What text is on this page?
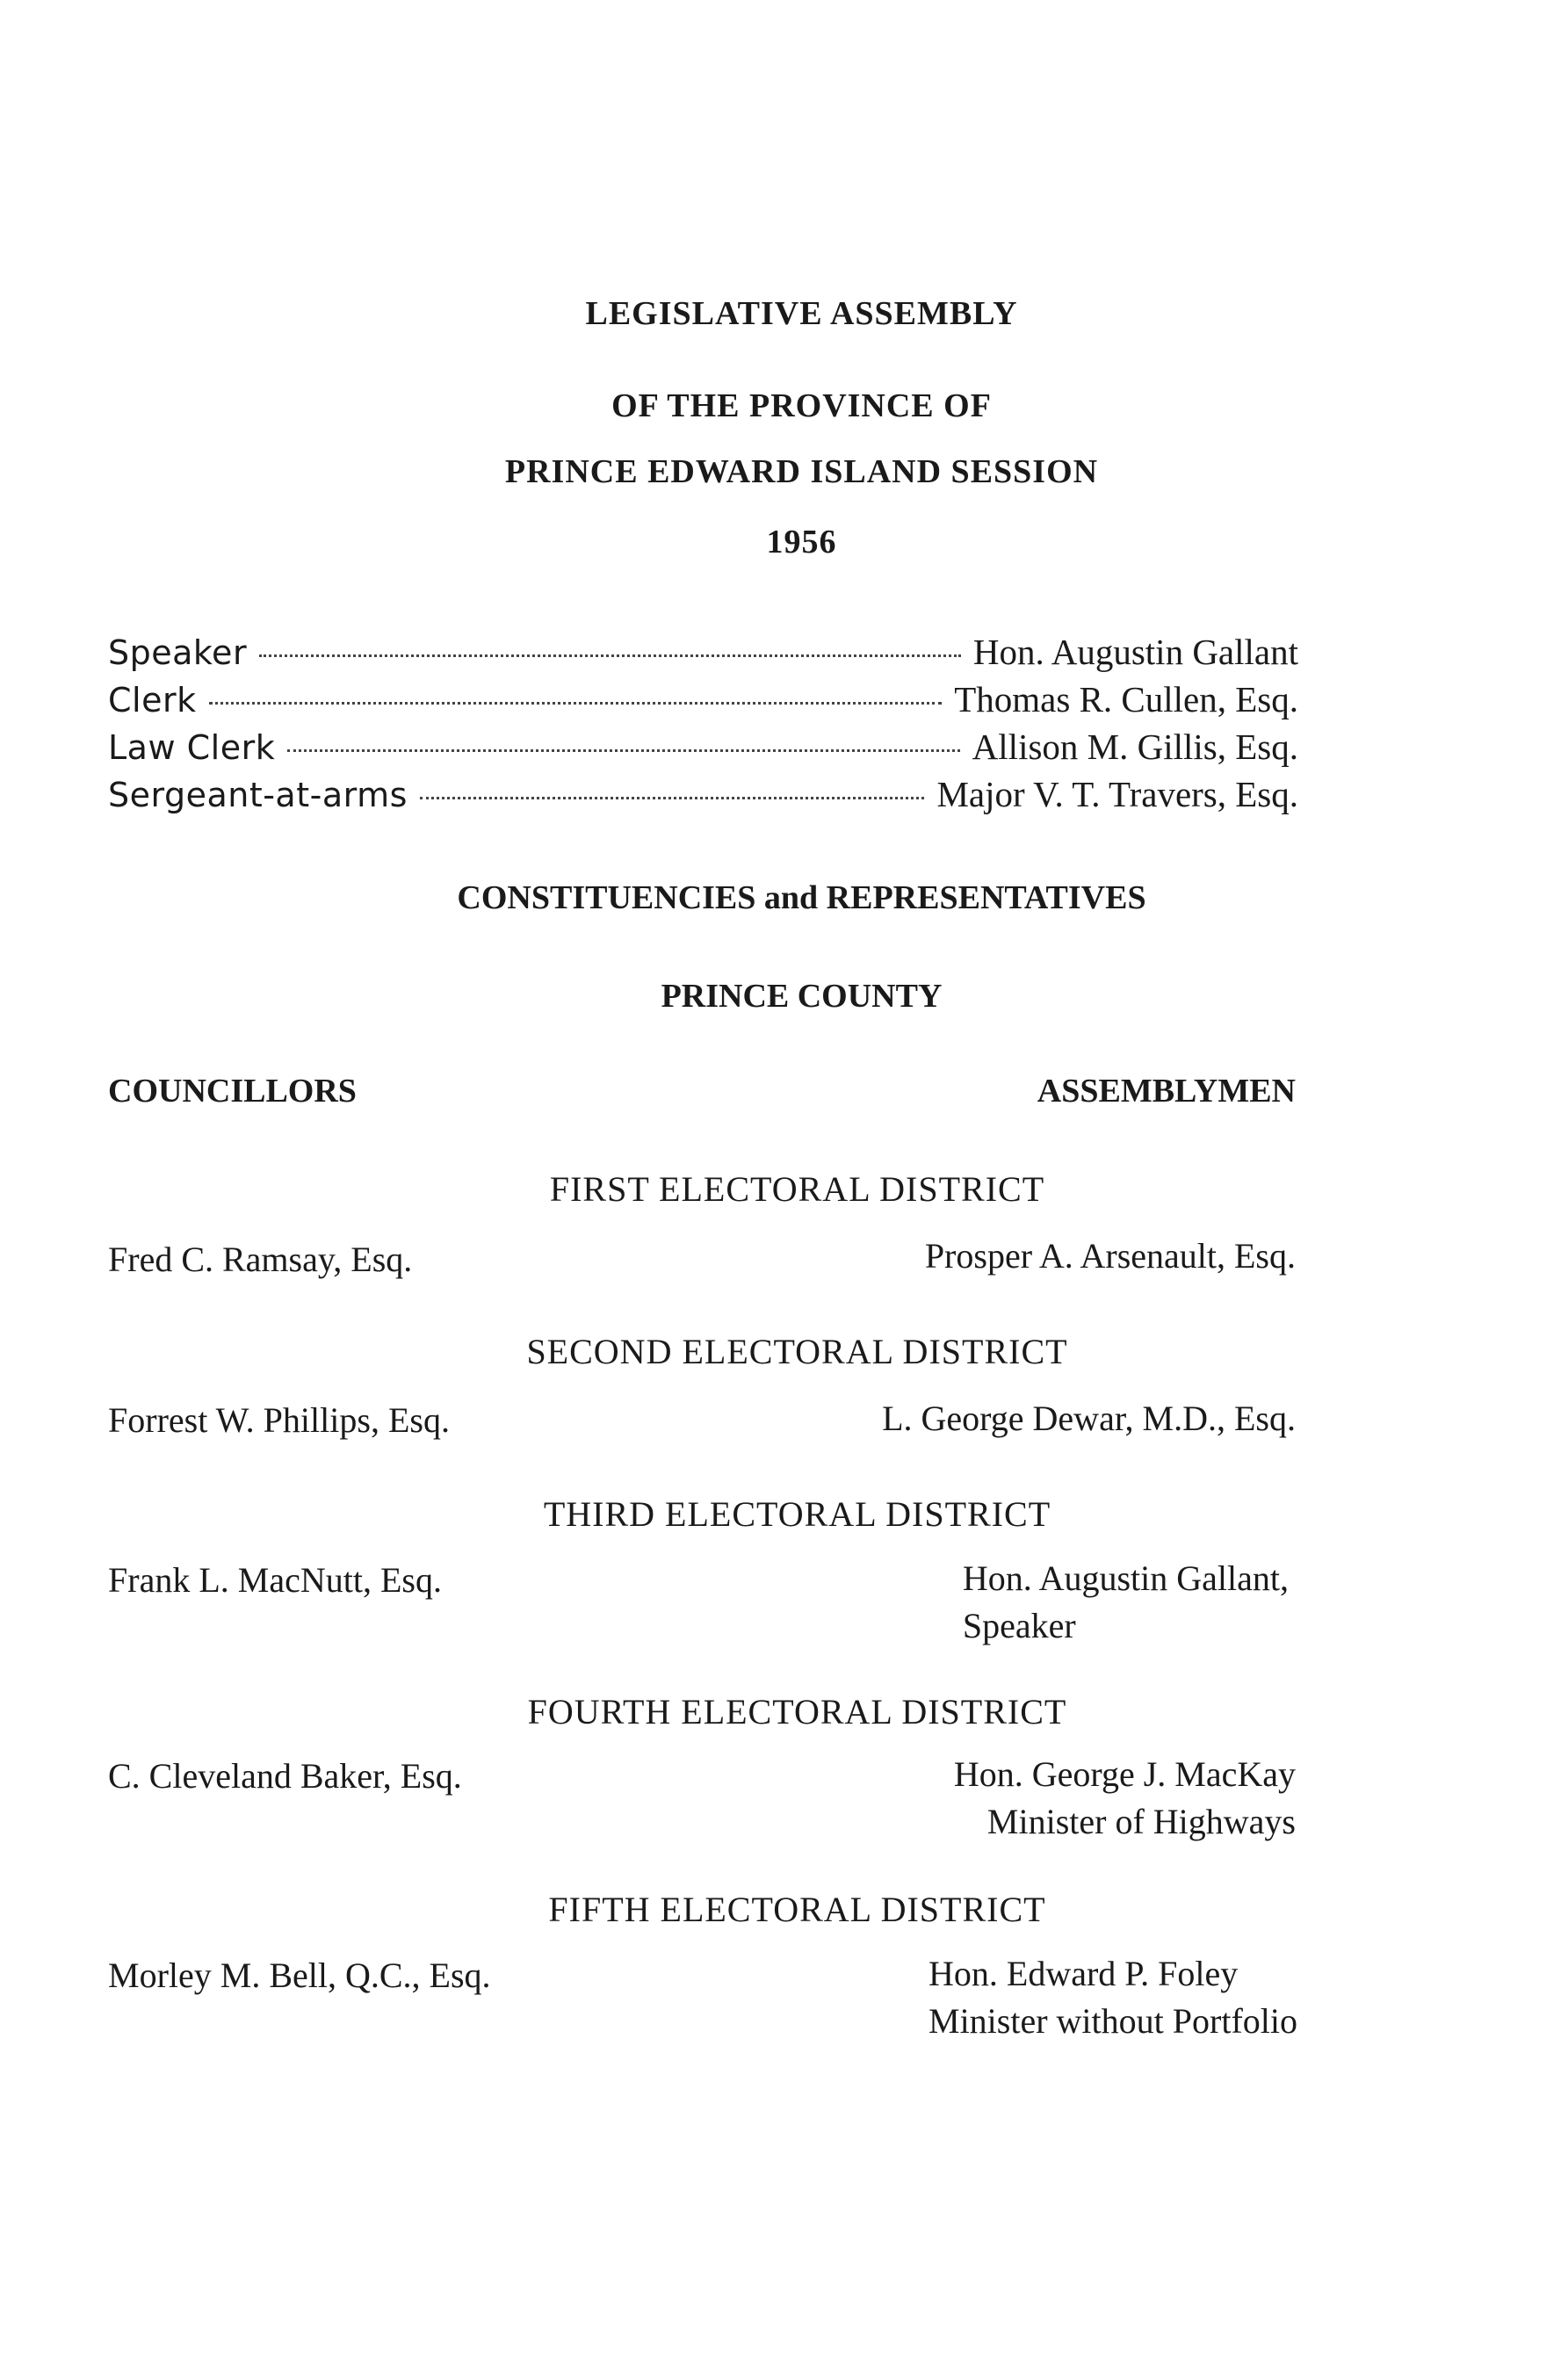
LEGISLATIVE ASSEMBLY
OF THE PROVINCE OF
PRINCE EDWARD ISLAND SESSION
1956
Speaker	Hon. Augustin Gallant
Clerk	Thomas R. Cullen, Esq.
Law Clerk	Allison M. Gillis, Esq.
Sergeant-at-arms	Major V. T. Travers, Esq.
CONSTITUENCIES and REPRESENTATIVES
PRINCE COUNTY
COUNCILLORS	ASSEMBLYMEN
FIRST ELECTORAL DISTRICT
Fred C. Ramsay, Esq.	Prosper A. Arsenault, Esq.
SECOND ELECTORAL DISTRICT
Forrest W. Phillips, Esq.	L. George Dewar, M.D., Esq.
THIRD ELECTORAL DISTRICT
Frank L. MacNutt, Esq.	Hon. Augustin Gallant,
Speaker
FOURTH ELECTORAL DISTRICT
C. Cleveland Baker, Esq.	Hon. George J. MacKay
Minister of Highways
FIFTH ELECTORAL DISTRICT
Morley M. Bell, Q.C., Esq.	Hon. Edward P. Foley
Minister without Portfolio
